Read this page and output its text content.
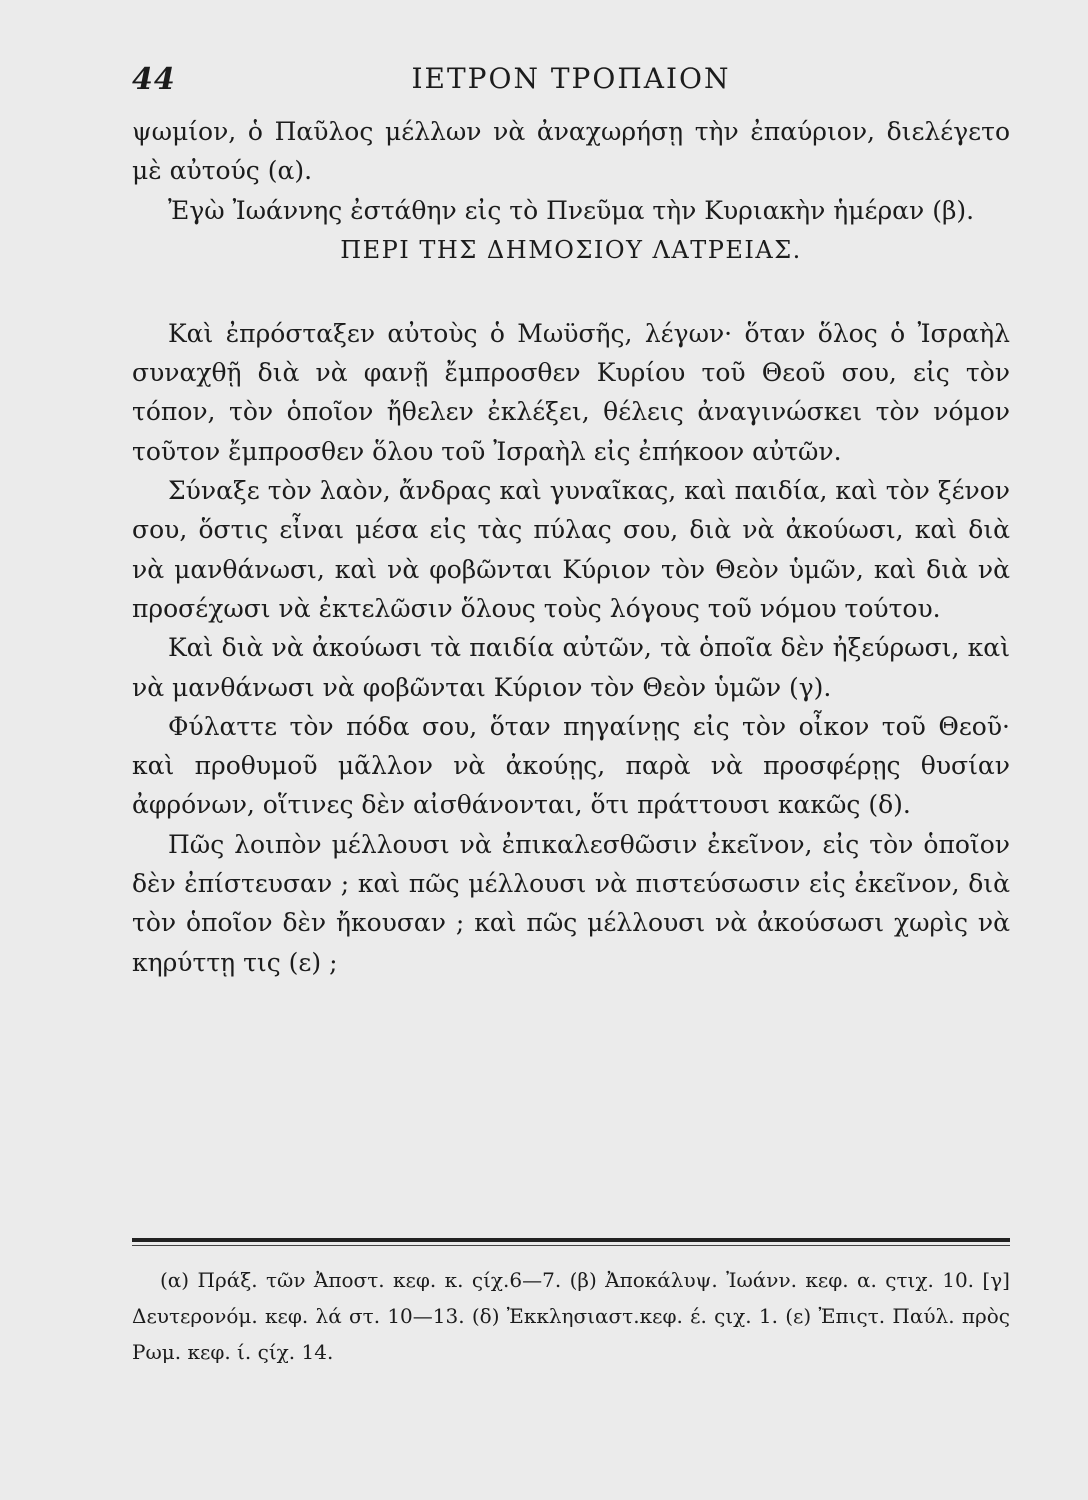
44	ΙΕΤΡΟΝ ΤΡΟΠΑΙΟΝ

ψωμίον, ὁ Παῦλος μέλλων νὰ ἀναχωρήσῃ τὴν ἐπαύριον, διελέγετο μὲ αὐτούς (α).

Ἐγὼ Ἰωάννης ἐστάθην εἰς τὸ Πνεῦμα τὴν Κυριακὴν ἡμέραν (β).

ΠΕΡΙ ΤΗΣ ΔΗΜΟΣΙΟΥ ΛΑΤΡΕΙΑΣ.

Καὶ ἐπρόσταξεν αὐτοὺς ὁ Μωϋσῆς, λέγων· ὅταν ὅλος ὁ Ἰσραὴλ συναχθῇ διὰ νὰ φανῇ ἔμπροσθεν Κυρίου τοῦ Θεοῦ σου, εἰς τὸν τόπον, τὸν ὁποῖον ἤθελεν ἐκλέξει, θέλεις ἀναγινώσκει τὸν νόμον τοῦτον ἔμπροσθεν ὅλου τοῦ Ἰσραὴλ εἰς ἐπήκοον αὐτῶν.

Σύναξε τὸν λαὸν, ἄνδρας καὶ γυναῖκας, καὶ παιδία, καὶ τὸν ξένον σου, ὅστις εἶναι μέσα εἰς τὰς πύλας σου, διὰ νὰ ἀκούωσι, καὶ διὰ νὰ μανθάνωσι, καὶ νὰ φοβῶνται Κύριον τὸν Θεὸν ὑμῶν, καὶ διὰ νὰ προσέχωσι νὰ ἐκτελῶσιν ὅλους τοὺς λόγους τοῦ νόμου τούτου.

Καὶ διὰ νὰ ἀκούωσι τὰ παιδία αὐτῶν, τὰ ὁποῖα δὲν ἠξεύρωσι, καὶ νὰ μανθάνωσι νὰ φοβῶνται Κύριον τὸν Θεὸν ὑμῶν (γ).

Φύλαττε τὸν πόδα σου, ὅταν πηγαίνῃς εἰς τὸν οἶκον τοῦ Θεοῦ· καὶ προθυμοῦ μᾶλλον νὰ ἀκούῃς, παρὰ νὰ προσφέρῃς θυσίαν ἀφρόνων, οἵτινες δὲν αἰσθάνονται, ὅτι πράττουσι κακῶς (δ).

Πῶς λοιπὸν μέλλουσι νὰ ἐπικαλεσθῶσιν ἐκεῖνον, εἰς τὸν ὁποῖον δὲν ἐπίστευσαν ; καὶ πῶς μέλλουσι νὰ πιστεύσωσιν εἰς ἐκεῖνον, διὰ τὸν ὁποῖον δὲν ἤκουσαν ; καὶ πῶς μέλλουσι νὰ ἀκούσωσι χωρὶς νὰ κηρύττῃ τις (ε) ;

(α) Πράξ. τῶν Ἀποστ. κεφ. κ. ςίχ.6—7. (β) Ἀποκάλυψ. Ἰωάνν. κεφ. α. ςτιχ. 10. [γ] Δευτερονόμ. κεφ. λά στ. 10—13. (δ) Ἐκκλησιαστ.κεφ. έ. ςιχ. 1. (ε) Ἐπιςτ. Παύλ. πρὸς Ρωμ. κεφ. ί. ςίχ. 14.
